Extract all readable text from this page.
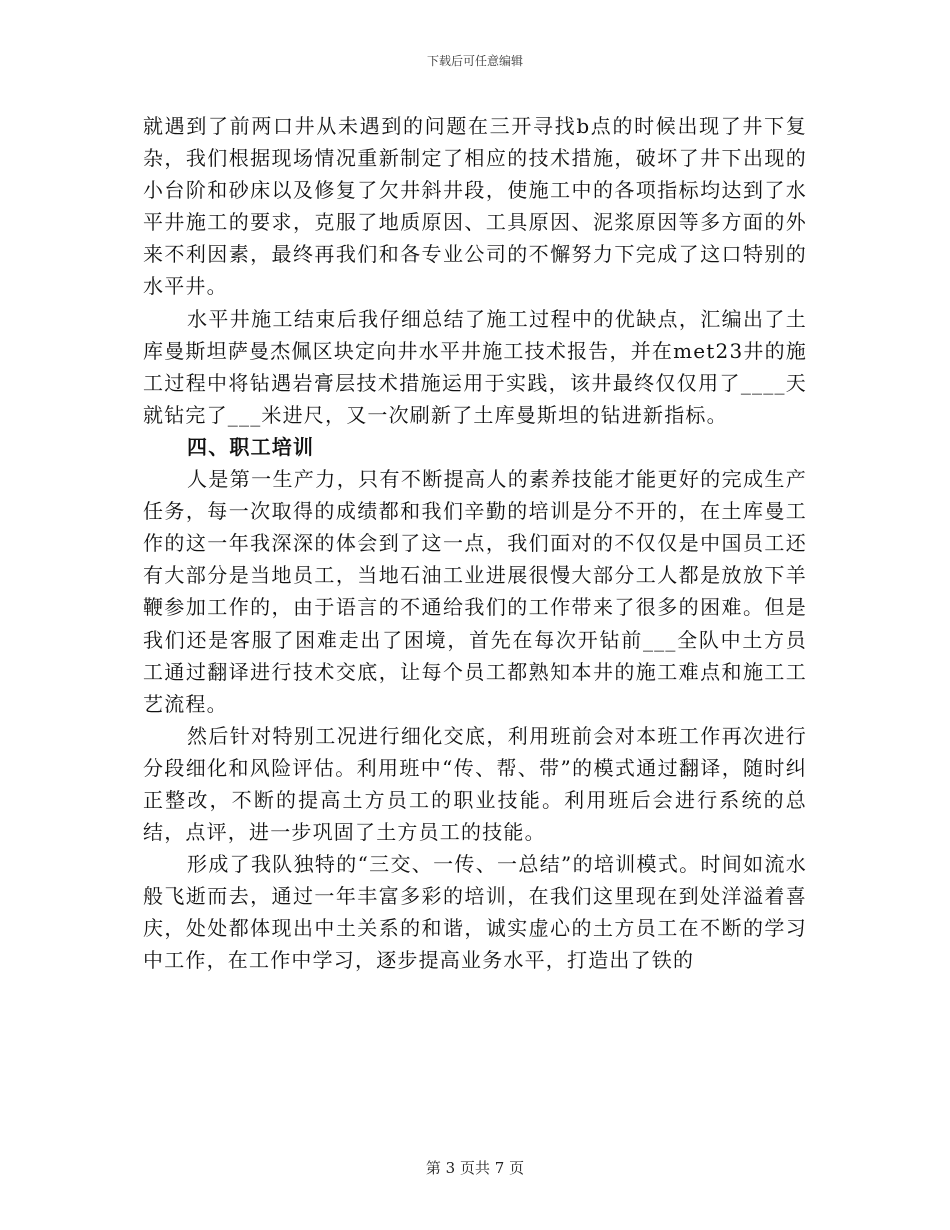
下载后可任意编辑

就遇到了前两口井从未遇到的问题在三开寻找b点的时候出现了井下复杂，我们根据现场情况重新制定了相应的技术措施，破坏了井下出现的小台阶和砂床以及修复了欠井斜井段，使施工中的各项指标均达到了水平井施工的要求，克服了地质原因、工具原因、泥浆原因等多方面的外来不利因素，最终再我们和各专业公司的不懈努力下完成了这口特别的水平井。

水平井施工结束后我仔细总结了施工过程中的优缺点，汇编出了土库曼斯坦萨曼杰佩区块定向井水平井施工技术报告，并在met23井的施工过程中将钻遇岩膏层技术措施运用于实践，该井最终仅仅用了____天就钻完了___米进尺，又一次刷新了土库曼斯坦的钻进新指标。

四、职工培训

人是第一生产力，只有不断提高人的素养技能才能更好的完成生产任务，每一次取得的成绩都和我们辛勤的培训是分不开的，在土库曼工作的这一年我深深的体会到了这一点，我们面对的不仅仅是中国员工还有大部分是当地员工，当地石油工业进展很慢大部分工人都是放放下羊鞭参加工作的，由于语言的不通给我们的工作带来了很多的困难。但是我们还是客服了困难走出了困境，首先在每次开钻前___全队中土方员工通过翻译进行技术交底，让每个员工都熟知本井的施工难点和施工工艺流程。

然后针对特别工况进行细化交底，利用班前会对本班工作再次进行分段细化和风险评估。利用班中“传、帮、带”的模式通过翻译，随时纠正整改，不断的提高土方员工的职业技能。利用班后会进行系统的总结，点评，进一步巩固了土方员工的技能。

形成了我队独特的“三交、一传、一总结”的培训模式。时间如流水般飞逝而去，通过一年丰富多彩的培训，在我们这里现在到处洋溢着喜庆，处处都体现出中土关系的和谐，诚实虚心的土方员工在不断的学习中工作，在工作中学习，逐步提高业务水平，打造出了铁的

第 3 页共 7 页
